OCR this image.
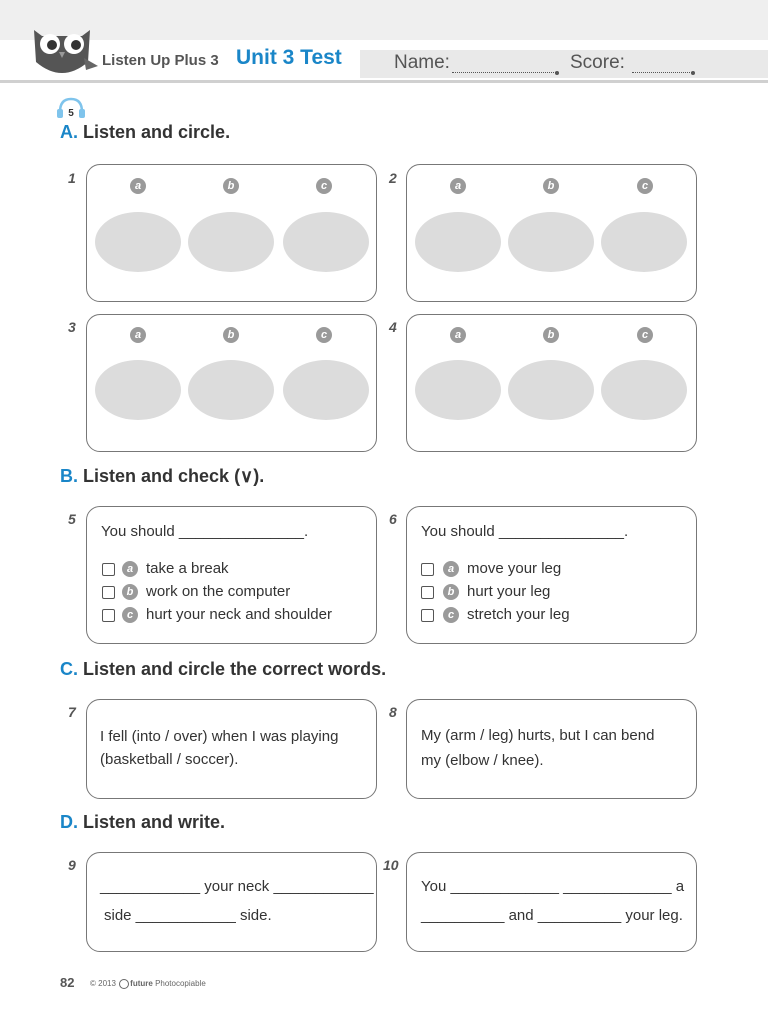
Listen Up Plus 3 Unit 3 Test	Name:	Score:
5
A. Listen and circle.
1	a	b	c	2	a	b	c
3	a	b	c	4	a	b	c
B. Listen and check (∨).
5
You should _______________.
a take a break
b work on the computer
c hurt your neck and shoulder
6
You should _______________.
a move your leg
b hurt your leg
c stretch your leg
C. Listen and circle the correct words.
7
I fell (into / over) when I was playing
(basketball / soccer).
8
My (arm / leg) hurts, but I can bend
my (elbow / knee).
D. Listen and write.
9
____________ your neck ____________
side ____________ side.
10
You _____________ _____________ a
__________ and __________ your leg.
82 © 2013 future Photocopiable
